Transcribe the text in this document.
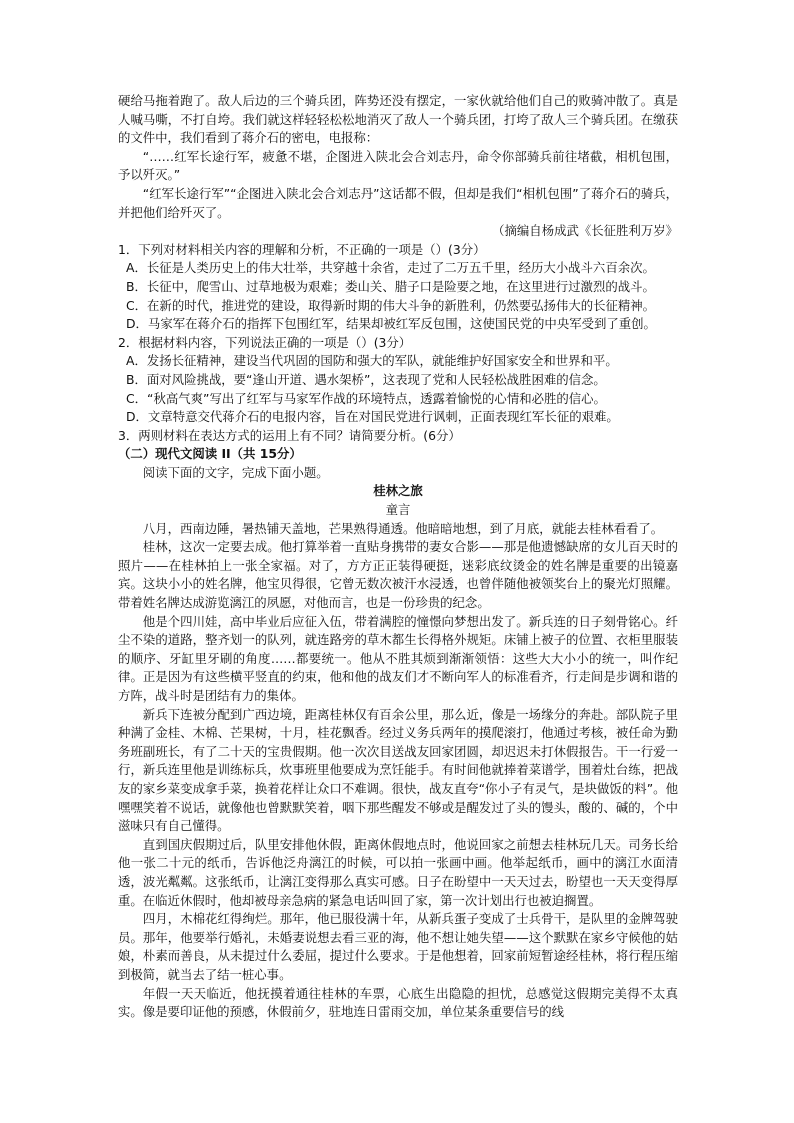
硬给马拖着跑了。敌人后边的三个骑兵团，阵势还没有摆定，一家伙就给他们自己的败骑冲散了。真是人喊马嘶，不打自垮。我们就这样轻轻松松地消灭了敌人一个骑兵团，打垮了敌人三个骑兵团。在缴获的文件中，我们看到了蒋介石的密电，电报称：

“……红军长途行军，疲惫不堪，企图进入陕北会合刘志丹，命令你部骑兵前往堵截，相机包围，予以歼灭。”

“红军长途行军”“企图进入陕北会合刘志丹”这话都不假，但却是我们“相机包围”了蒋介石的骑兵，并把他们给歼灭了。

（摘编自杨成武《长征胜利万岁》

1．下列对材料相关内容的理解和分析，不正确的一项是（）(3分）

A．长征是人类历史上的伟大壮举，共穿越十余省，走过了二万五千里，经历大小战斗六百余次。

B．长征中，爬雪山、过草地极为艰难；娄山关、腊子口是险要之地，在这里进行过激烈的战斗。

C．在新的时代，推进党的建设，取得新时期的伟大斗争的新胜利，仍然要弘扬伟大的长征精神。

D．马家军在蒋介石的指挥下包围红军，结果却被红军反包围，这使国民党的中央军受到了重创。

2．根据材料内容，下列说法正确的一项是（）(3分）

A．发扬长征精神，建设当代巩固的国防和强大的军队，就能维护好国家安全和世界和平。

B．面对风险挑战，要“逢山开道、遇水架桥”，这表现了党和人民轻松战胜困难的信念。

C．“秋高气爽”写出了红军与马家军作战的环境特点，透露着愉悦的心情和必胜的信心。

D．文章特意交代蒋介石的电报内容，旨在对国民党进行讽刺，正面表现红军长征的艰难。

3．两则材料在表达方式的运用上有不同？请简要分析。(6分）

（二）现代文阅读 II（共 15分）

阅读下面的文字，完成下面小题。

桂林之旅

童言

八月，西南边陲，暑热铺天盖地，芒果熟得通透。他暗暗地想，到了月底，就能去桂林看看了。

桂林，这次一定要去成。他打算举着一直贴身携带的妻女合影——那是他遗憾缺席的女儿百天时的照片——在桂林拍上一张全家福。对了，方方正正装得硬挺，迷彩底纹烫金的姓名牌是重要的出镜嘉宾。这块小小的姓名牌，他宝贝得很，它曾无数次被汗水浸透，也曾伴随他被领奖台上的聚光灯照耀。带着姓名牌达成游览漓江的夙愿，对他而言，也是一份珍贵的纪念。

他是个四川娃，高中毕业后应征入伍，带着满腔的憧憬向梦想出发了。新兵连的日子刻骨铭心。纤尘不染的道路，整齐划一的队列，就连路旁的草木都生长得格外规矩。床铺上被子的位置、衣柜里服装的顺序、牙缸里牙刷的角度……都要统一。他从不胜其烦到渐渐领悟：这些大大小小的统一，叫作纪律。正是因为有这些横平竖直的约束，他和他的战友们才不断向军人的标准看齐，行走间是步调和谐的方阵，战斗时是团结有力的集体。

新兵下连被分配到广西边境，距离桂林仅有百余公里，那么近，像是一场缘分的奔赴。部队院子里种满了金桂、木棉、芒果树，十月，桂花飘香。经过义务兵两年的摸爬滚打，他通过考核，被任命为勤务班副班长，有了二十天的宝贵假期。他一次次目送战友回家团圆，却迟迟未打休假报告。干一行爱一行，新兵连里他是训练标兵，炊事班里他要成为烹饪能手。有时间他就捧着菜谱学，围着灶台练，把战友的家乡菜变成拿手菜，换着花样让众口不难调。很快，战友直夸“你小子有灵气，是块做饭的料”。他嘿嘿笑着不说话，就像他也曾默默笑着，咽下那些醒发不够或是醒发过了头的馒头，酸的、碱的，个中滋味只有自己懂得。

直到国庆假期过后，队里安排他休假，距离休假地点时，他说回家之前想去桂林玩几天。司务长给他一张二十元的纸币，告诉他泛舟漓江的时候，可以拍一张画中画。他举起纸币，画中的漓江水面清透，波光粼粼。这张纸币，让漓江变得那么真实可感。日子在盼望中一天天过去，盼望也一天天变得厚重。在临近休假时，他却被母亲急病的紧急电话叫回了家，第一次计划出行也被迫搁置。

四月，木棉花红得绚烂。那年，他已服役满十年，从新兵蛋子变成了士兵骨干，是队里的金牌驾驶员。那年，他要举行婚礼，未婚妻说想去看三亚的海，他不想让她失望——这个默默在家乡守候他的姑娘，朴素而善良，从未提过什么委屈，提过什么要求。于是他想着，回家前短暂途经桂林，将行程压缩到极简，就当去了结一桩心事。

年假一天天临近，他抚摸着通往桂林的车票，心底生出隐隐的担忧，总感觉这假期完美得不太真实。像是要印证他的预感，休假前夕，驻地连日雷雨交加，单位某条重要信号的线
